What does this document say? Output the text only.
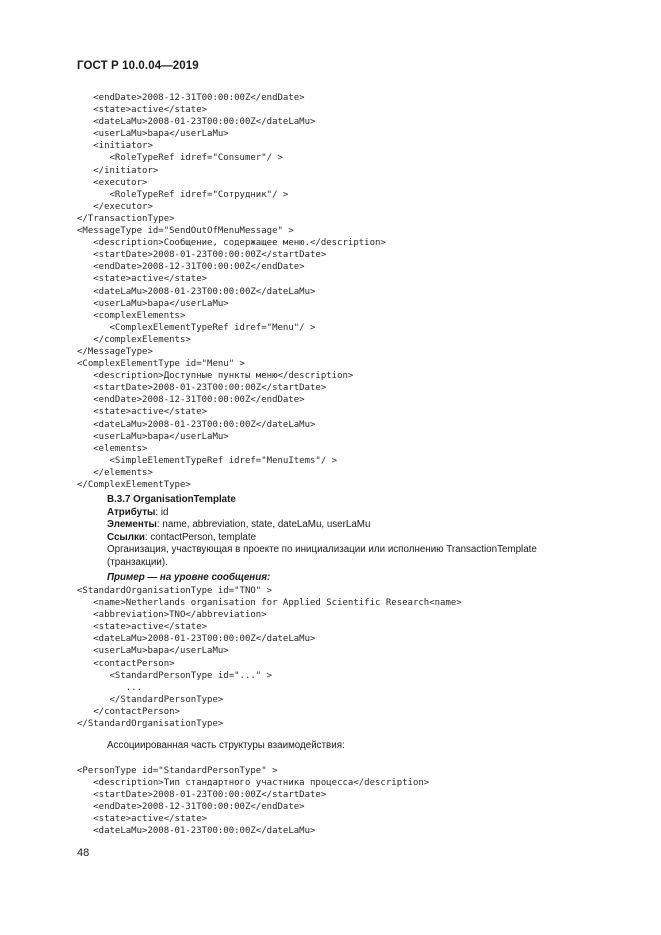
ГОСТ Р 10.0.04—2019
<endDate>2008-12-31T00:00:00Z</endDate>
<state>active</state>
<dateLaMu>2008-01-23T00:00:00Z</dateLaMu>
<userLaMu>bapa</userLaMu>
<initiator>
<RoleTypeRef idref="Consumer"/ >
</initiator>
<executor>
<RoleTypeRef idref="Сотрудник"/ >
</executor>
</TransactionType>
<MessageType id="SendOutOfMenuMessage" >
<description>Сообщение, содержащее меню.</description>
<startDate>2008-01-23T00:00:00Z</startDate>
<endDate>2008-12-31T00:00:00Z</endDate>
<state>active</state>
<dateLaMu>2008-01-23T00:00:00Z</dateLaMu>
<userLaMu>bapa</userLaMu>
<complexElements>
<ComplexElementTypeRef idref="Menu"/ >
</complexElements>
</MessageType>
<ComplexElementType id="Menu" >
<description>Доступные пункты меню</description>
<startDate>2008-01-23T00:00:00Z</startDate>
<endDate>2008-12-31T00:00:00Z</endDate>
<state>active</state>
<dateLaMu>2008-01-23T00:00:00Z</dateLaMu>
<userLaMu>bapa</userLaMu>
<elements>
<SimpleElementTypeRef idref="MenuItems"/ >
</elements>
</ComplexElementType>

B.3.7 OrganisationTemplate

Атрибуты: id

Элементы: name, abbreviation, state, dateLaMu, userLaMu

Ссылки: contactPerson, template

Организация, участвующая в проекте по инициализации или исполнению TransactionTemplate (транзакции).

Пример — на уровне сообщения:
<StandardOrganisationType id="TNO" >
<name>Netherlands organisation for Applied Scientific Research<name>
<abbreviation>TNO</abbreviation>
<state>active</state>
<dateLaMu>2008-01-23T00:00:00Z</dateLaMu>
<userLaMu>bapa</userLaMu>
<contactPerson>
<StandardPersonType id="..." >
...
</StandardPersonType>
</contactPerson>
</StandardOrganisationType>
Ассоциированная часть структуры взаимодействия:
<PersonType id="StandardPersonType" >
<description>Тип стандартного участника процесса</description>
<startDate>2008-01-23T00:00:00Z</startDate>
<endDate>2008-12-31T00:00:00Z</endDate>
<state>active</state>
<dateLaMu>2008-01-23T00:00:00Z</dateLaMu>
48
